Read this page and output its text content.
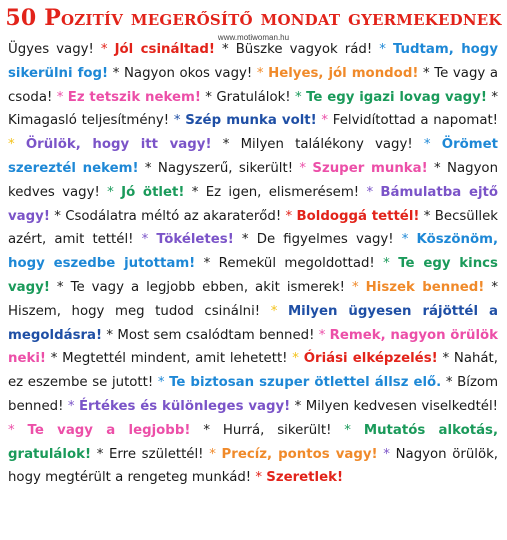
50 Pozitív megerősítő mondat gyermekednek
www.motiwoman.hu
Ügyes vagy! * Jól csináltad! * Büszke vagyok rád! * Tudtam, hogy sikerülni fog! * Nagyon okos vagy! * Helyes, jól mondod! * Te vagy a csoda! * Ez tetszik nekem! * Gratulálok! * Te egy igazi lovag vagy! * Kimagasló teljesítmény! * Szép munka volt! * Felvidítottad a napomat! * Örülök, hogy itt vagy! * Milyen találékony vagy! * Örömet szereztél nekem! * Nagyszerű, sikerült! * Szuper munka! * Nagyon kedves vagy! * Jó ötlet! * Ez igen, elismerésem! * Bámulatba ejtő vagy! * Csodálatra méltó az akaraterőd! * Boldoggá tettél! * Becsüllek azért, amit tettél! * Tökéletes! * De figyelmes vagy! * Köszönöm, hogy eszedbe jutottam! * Remekül megoldottad! * Te egy kincs vagy! * Te vagy a legjobb ebben, akit ismerek! * Hiszek benned! * Hiszem, hogy meg tudod csinálni! * Milyen ügyesen rájöttél a megoldásra! * Most sem csalódtam benned! * Remek, nagyon örülök neki! * Megtettél mindent, amit lehetett! * Óriási elképzelés! * Nahát, ez eszembe se jutott! * Te biztosan szuper ötlettel állsz elő. * Bízom benned! * Értékes és különleges vagy! * Milyen kedvesen viselkedtél! * Te vagy a legjobb! * Hurrá, sikerült! * Mutatós alkotás, gratulálok! * Erre születtél! * Precíz, pontos vagy! * Nagyon örülök, hogy megtérült a rengeteg munkád! * Szeretlek!
